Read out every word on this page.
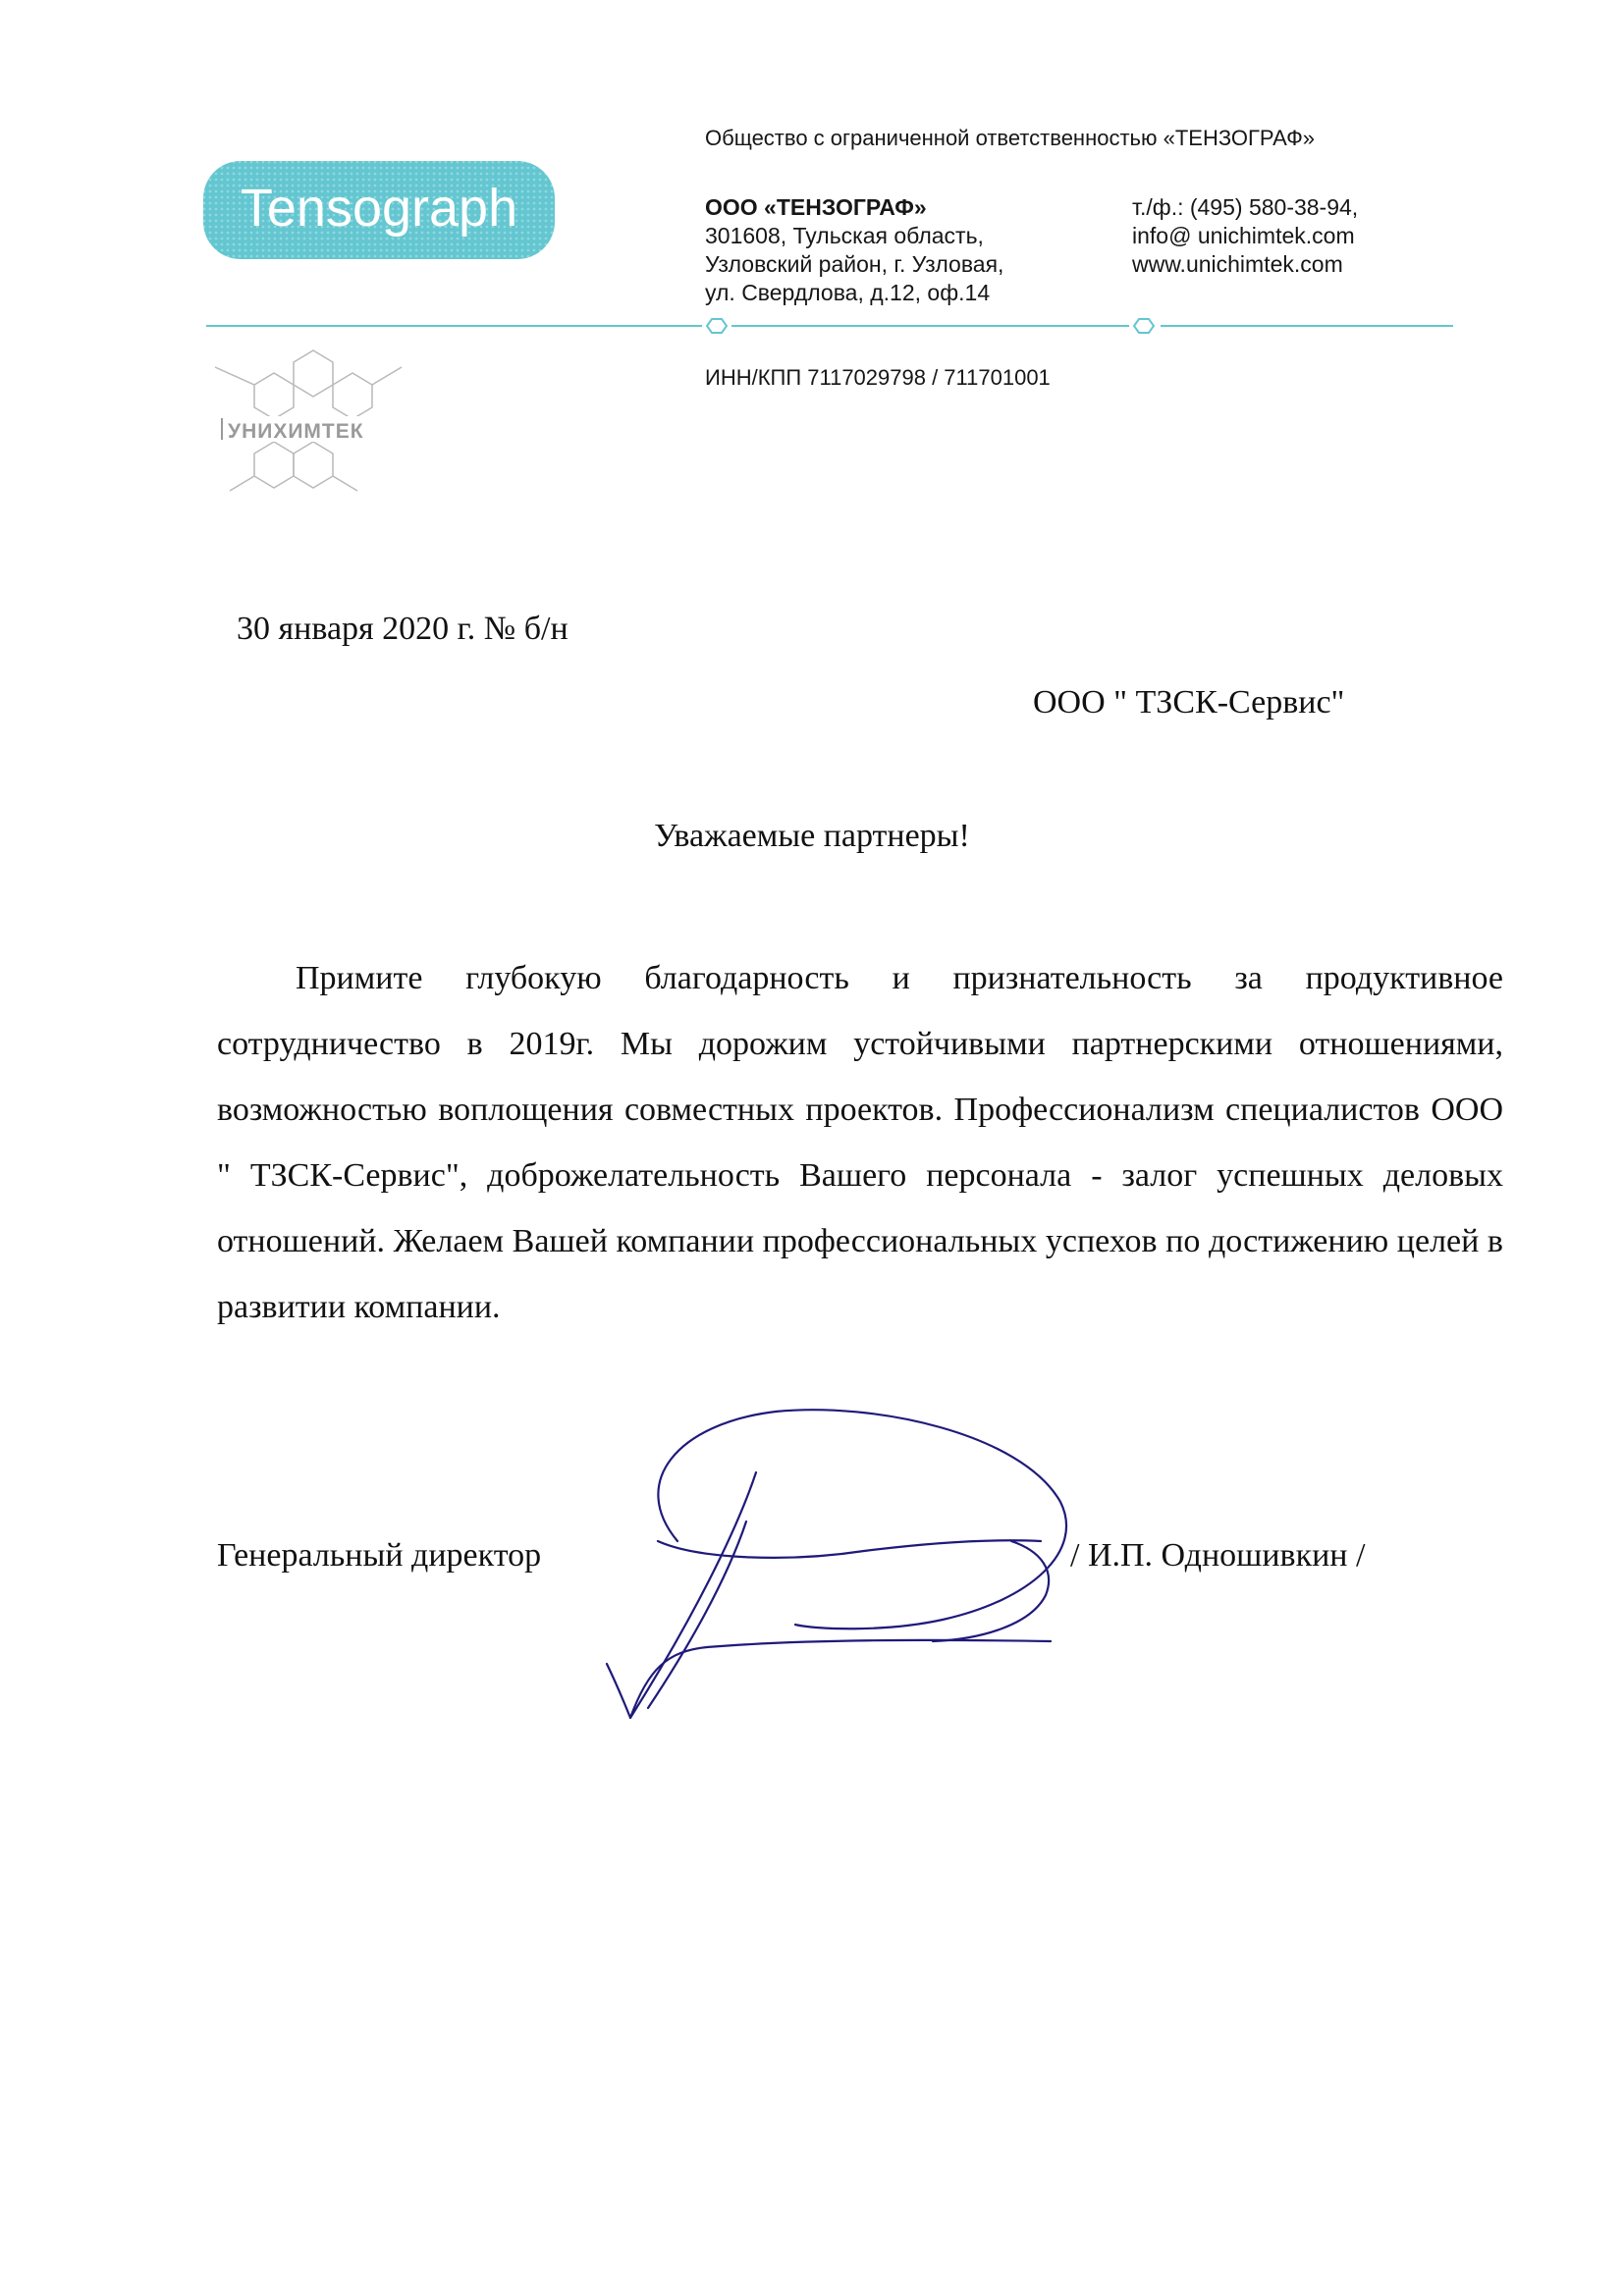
Tensograph
Общество с ограниченной ответственностью «ТЕНЗОГРАФ»
ООО «ТЕНЗОГРАФ»
301608, Тульская область,
Узловский район, г. Узловая,
ул. Свердлова, д.12, оф.14
т./ф.: (495) 580-38-94,
info@ unichimtek.com
www.unichimtek.com
ИНН/КПП 7117029798 / 711701001
УНИХИМТЕК
30 января 2020 г. № б/н
ООО " ТЗСК-Сервис"
Уважаемые партнеры!

Примите глубокую благодарность и признательность за продуктивное сотрудничество в 2019г. Мы дорожим устойчивыми партнерскими отношениями, возможностью воплощения совместных проектов. Профессионализм специалистов ООО " ТЗСК-Сервис", доброжелательность Вашего персонала - залог успешных деловых отношений. Желаем Вашей компании профессиональных успехов по достижению целей в развитии компании.

Генеральный директор	/ И.П. Одношивкин /
